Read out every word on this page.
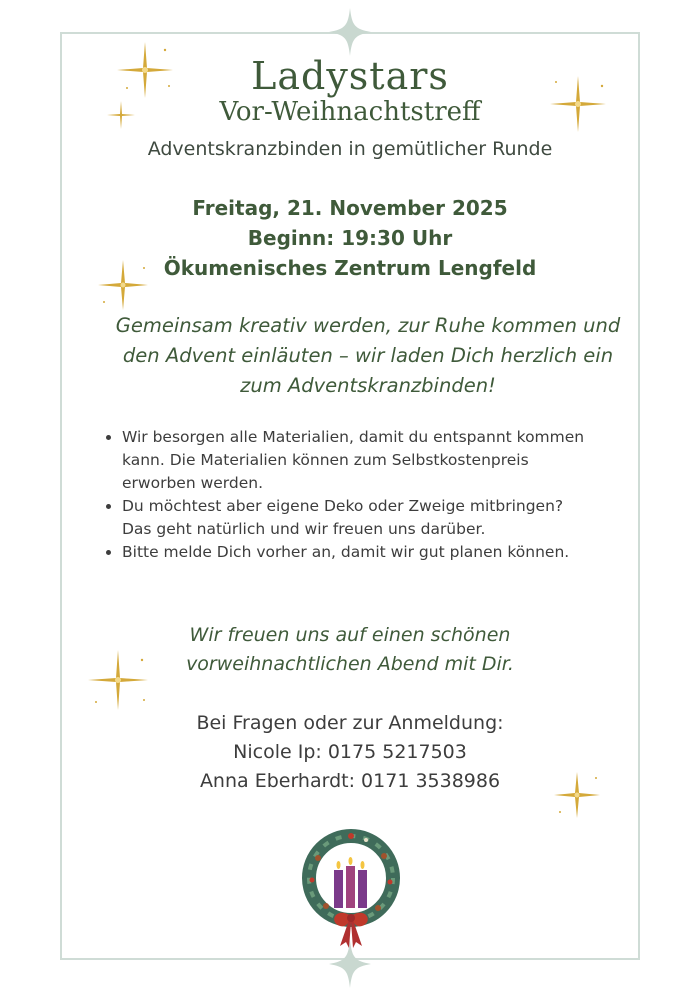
Ladystars
Vor-Weihnachtstreff
Adventskranzbinden in gemütlicher Runde
Freitag, 21. November 2025
Beginn: 19:30 Uhr
Ökumenisches Zentrum Lengfeld
Gemeinsam kreativ werden, zur Ruhe kommen und
den Advent einläuten – wir laden Dich herzlich ein
zum Adventskranzbinden!
• Wir besorgen alle Materialien, damit du entspannt kommen
kann. Die Materialien können zum Selbstkostenpreis
erworben werden.
• Du möchtest aber eigene Deko oder Zweige mitbringen?
Das geht natürlich und wir freuen uns darüber.
• Bitte melde Dich vorher an, damit wir gut planen können.
Wir freuen uns auf einen schönen
vorweihnachtlichen Abend mit Dir.
Bei Fragen oder zur Anmeldung:
Nicole Ip: 0175 5217503
Anna Eberhardt: 0171 3538986
